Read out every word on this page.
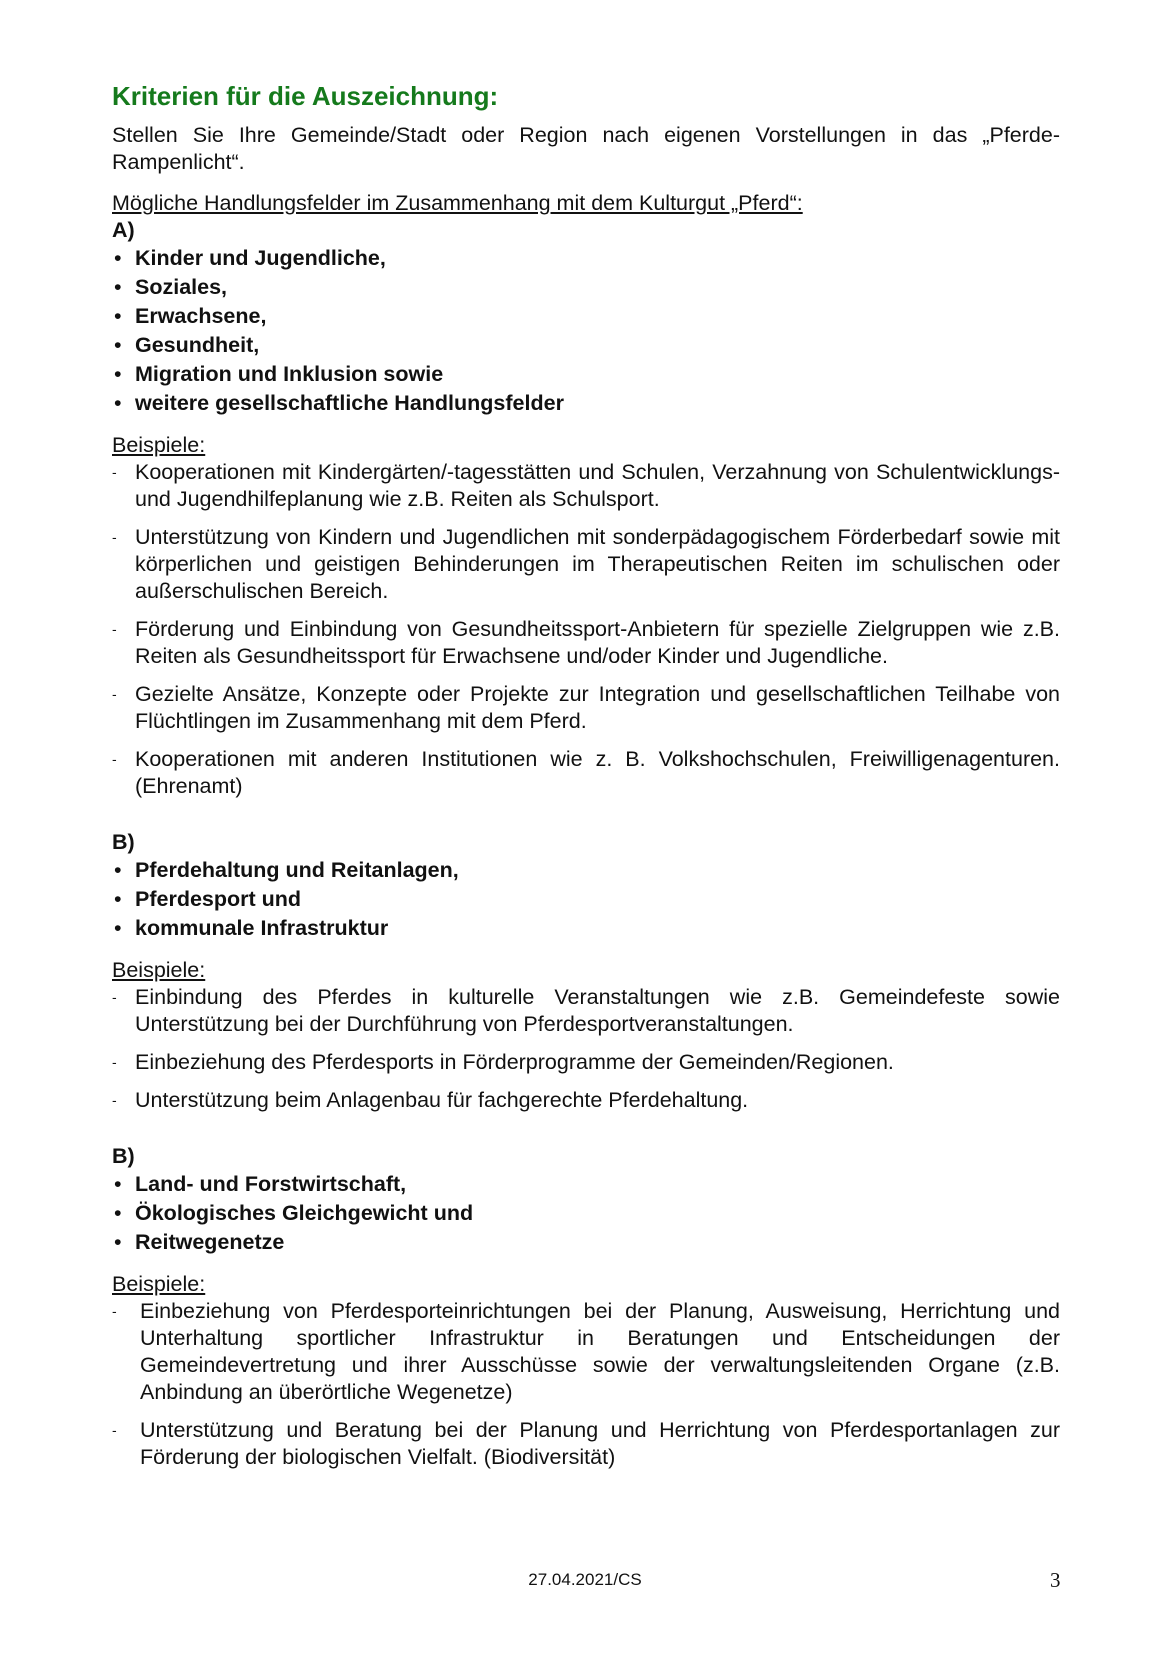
Kriterien für die Auszeichnung:

Stellen Sie Ihre Gemeinde/Stadt oder Region nach eigenen Vorstellungen in das „Pferde-Rampenlicht“.

Mögliche Handlungsfelder im Zusammenhang mit dem Kulturgut „Pferd“:

A)
• Kinder und Jugendliche,
• Soziales,
• Erwachsene,
• Gesundheit,
• Migration und Inklusion sowie
• weitere gesellschaftliche Handlungsfelder

Beispiele:

- Kooperationen mit Kindergärten/-tagesstätten und Schulen, Verzahnung von Schulentwicklungs- und Jugendhilfeplanung wie z.B. Reiten als Schulsport.
- Unterstützung von Kindern und Jugendlichen mit sonderpädagogischem Förderbedarf sowie mit körperlichen und geistigen Behinderungen im Therapeutischen Reiten im schulischen oder außerschulischen Bereich.
- Förderung und Einbindung von Gesundheitssport-Anbietern für spezielle Zielgruppen wie z.B. Reiten als Gesundheitssport für Erwachsene und/oder Kinder und Jugendliche.
- Gezielte Ansätze, Konzepte oder Projekte zur Integration und gesellschaftlichen Teilhabe von Flüchtlingen im Zusammenhang mit dem Pferd.
- Kooperationen mit anderen Institutionen wie z. B. Volkshochschulen, Freiwilligenagenturen. (Ehrenamt)
B)
• Pferdehaltung und Reitanlagen,
• Pferdesport und
• kommunale Infrastruktur

Beispiele:

- Einbindung des Pferdes in kulturelle Veranstaltungen wie z.B. Gemeindefeste sowie Unterstützung bei der Durchführung von Pferdesportveranstaltungen.
- Einbeziehung des Pferdesports in Förderprogramme der Gemeinden/Regionen.
- Unterstützung beim Anlagenbau für fachgerechte Pferdehaltung.
B)
• Land- und Forstwirtschaft,
• Ökologisches Gleichgewicht und
• Reitwegenetze

Beispiele:

- Einbeziehung von Pferdesporteinrichtungen bei der Planung, Ausweisung, Herrichtung und Unterhaltung sportlicher Infrastruktur in Beratungen und Entscheidungen der Gemeindevertretung und ihrer Ausschüsse sowie der verwaltungsleitenden Organe (z.B. Anbindung an überörtliche Wegenetze)
- Unterstützung und Beratung bei der Planung und Herrichtung von Pferdesportanlagen zur Förderung der biologischen Vielfalt. (Biodiversität)
27.04.2021/CS	3
